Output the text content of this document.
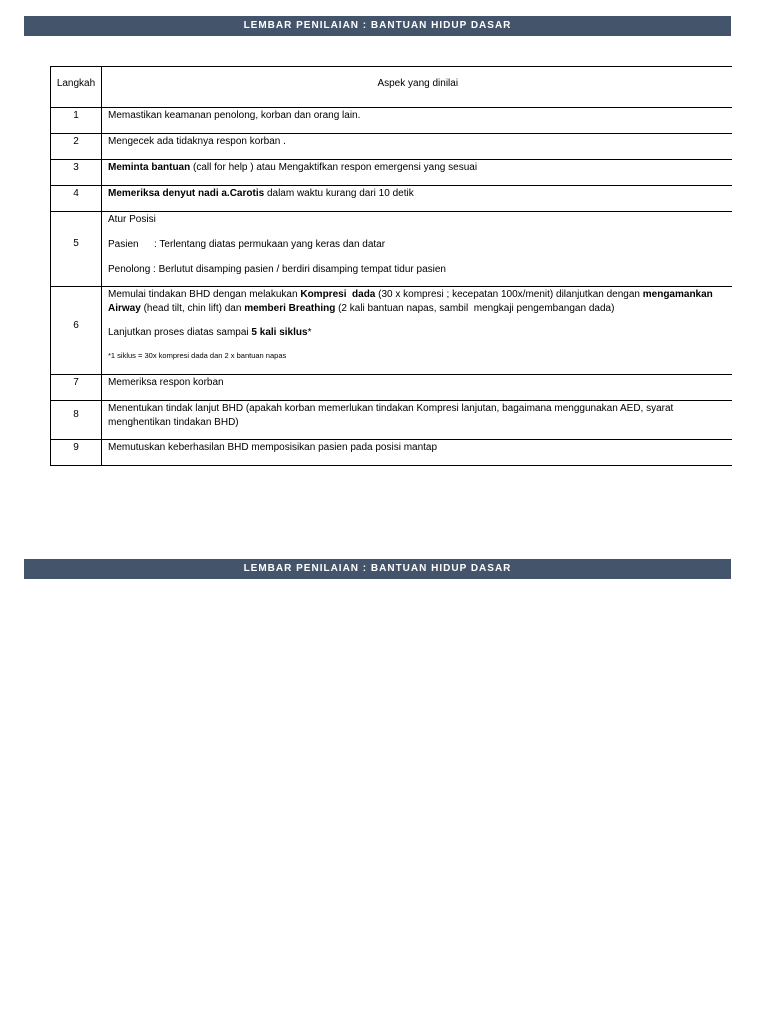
LEMBAR PENILAIAN : BANTUAN HIDUP DASAR
Langkah	Aspek yang dinilai
1	Memastikan keamanan penolong, korban dan orang lain.

2	Mengecek ada tidaknya respon korban .

3	Meminta bantuan (call for help ) atau Mengaktifkan respon emergensi yang sesuai

4	Memeriksa denyut nadi a.Carotis dalam waktu kurang dari 10 detik

5	Atur Posisi

Pasien : Terlentang diatas permukaan yang keras dan datar

Penolong : Berlutut disamping pasien / berdiri disamping tempat tidur pasien

6	Memulai tindakan BHD dengan melakukan Kompresi  dada (30 x kompresi ; kecepatan 100x/menit) dilanjutkan dengan mengamankan Airway (head tilt, chin lift) dan memberi Breathing (2 kali bantuan napas, sambil  mengkaji pengembangan dada)

Lanjutkan proses diatas sampai 5 kali siklus*

*1 siklus = 30x kompresi dada dan 2 x bantuan napas

7	Memeriksa respon korban

8	Menentukan tindak lanjut BHD (apakah korban memerlukan tindakan Kompresi lanjutan, bagaimana menggunakan AED, syarat menghentikan tindakan BHD)

9	Memutuskan keberhasilan BHD memposisikan pasien pada posisi mantap

LEMBAR PENILAIAN : BANTUAN HIDUP DASAR
